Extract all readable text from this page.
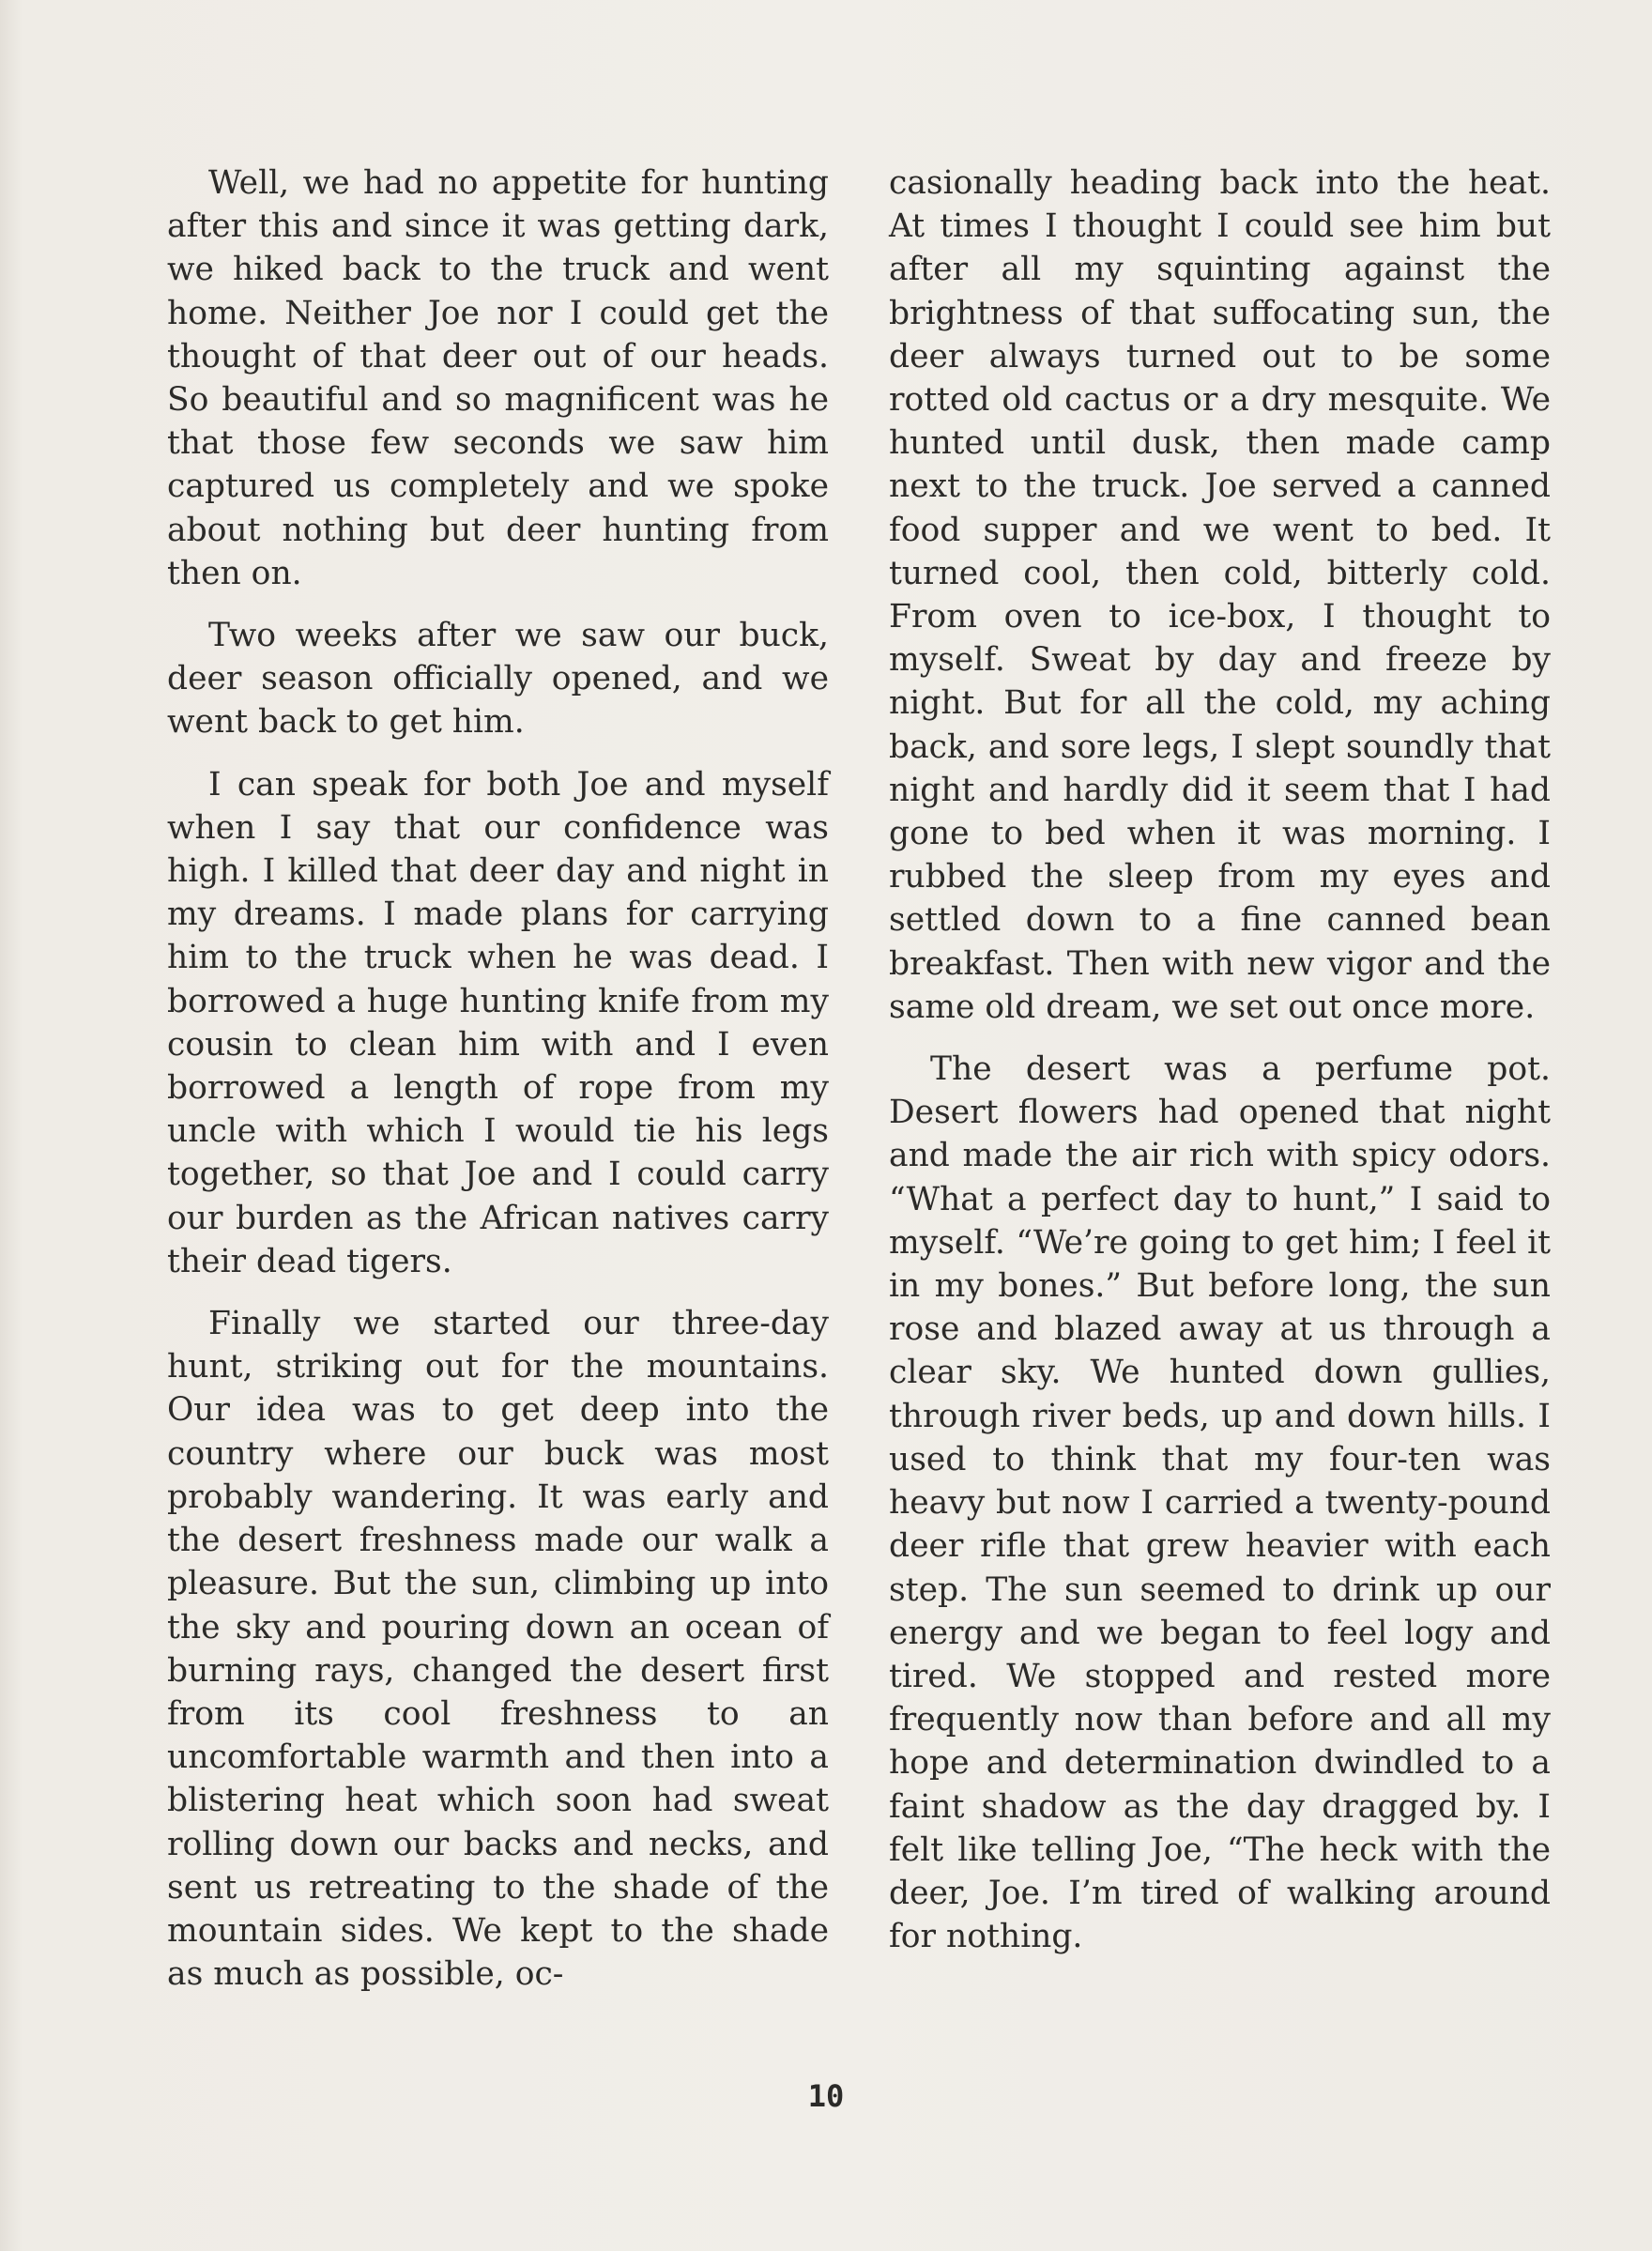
Well, we had no appetite for hunting after this and since it was getting dark, we hiked back to the truck and went home. Neither Joe nor I could get the thought of that deer out of our heads. So beautiful and so magnificent was he that those few seconds we saw him captured us completely and we spoke about nothing but deer hunting from then on.

Two weeks after we saw our buck, deer season officially opened, and we went back to get him.

I can speak for both Joe and myself when I say that our confidence was high. I killed that deer day and night in my dreams. I made plans for carrying him to the truck when he was dead. I borrowed a huge hunting knife from my cousin to clean him with and I even borrowed a length of rope from my uncle with which I would tie his legs together, so that Joe and I could carry our burden as the African natives carry their dead tigers.

Finally we started our three-day hunt, striking out for the mountains. Our idea was to get deep into the country where our buck was most probably wandering. It was early and the desert freshness made our walk a pleasure. But the sun, climbing up into the sky and pouring down an ocean of burning rays, changed the desert first from its cool freshness to an uncomfortable warmth and then into a blistering heat which soon had sweat rolling down our backs and necks, and sent us retreating to the shade of the mountain sides. We kept to the shade as much as possible, oc-

casionally heading back into the heat. At times I thought I could see him but after all my squinting against the brightness of that suffocating sun, the deer always turned out to be some rotted old cactus or a dry mesquite. We hunted until dusk, then made camp next to the truck. Joe served a canned food supper and we went to bed. It turned cool, then cold, bitterly cold. From oven to ice-box, I thought to myself. Sweat by day and freeze by night. But for all the cold, my aching back, and sore legs, I slept soundly that night and hardly did it seem that I had gone to bed when it was morning. I rubbed the sleep from my eyes and settled down to a fine canned bean breakfast. Then with new vigor and the same old dream, we set out once more.

The desert was a perfume pot. Desert flowers had opened that night and made the air rich with spicy odors. “What a perfect day to hunt,” I said to myself. “We’re going to get him; I feel it in my bones.” But before long, the sun rose and blazed away at us through a clear sky. We hunted down gullies, through river beds, up and down hills. I used to think that my four-ten was heavy but now I carried a twenty-pound deer rifle that grew heavier with each step. The sun seemed to drink up our energy and we began to feel logy and tired. We stopped and rested more frequently now than before and all my hope and determination dwindled to a faint shadow as the day dragged by. I felt like telling Joe, “The heck with the deer, Joe. I’m tired of walking around for nothing.

10
